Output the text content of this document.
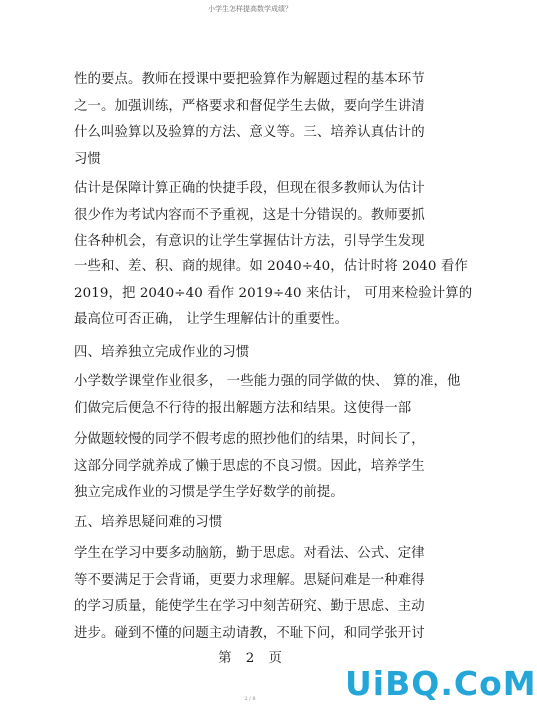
小学生怎样提高数学成绩？
性的要点。教师在授课中要把验算作为解题过程的基本环节
之一。加强训练，严格要求和督促学生去做，要向学生讲清
什么叫验算以及验算的方法、意义等。三、培养认真估计的
习惯
估计是保障计算正确的快捷手段，但现在很多教师认为估计
很少作为考试内容而不予重视，这是十分错误的。教师要抓
住各种机会，有意识的让学生掌握估计方法，引导学生发现
一些和、差、积、商的规律。如 2040÷40，估计时将 2040 看作
2019，把 2040÷40 看作 2019÷40 来估计， 可用来检验计算的
最高位可否正确， 让学生理解估计的重要性。
四、培养独立完成作业的习惯
小学数学课堂作业很多， 一些能力强的同学做的快、 算的准，他
们做完后便急不行待的报出解题方法和结果。这使得一部
分做题较慢的同学不假考虑的照抄他们的结果，时间长了，
这部分同学就养成了懒于思虑的不良习惯。因此，培养学生
独立完成作业的习惯是学生学好数学的前提。
五、培养思疑问难的习惯
学生在学习中要多动脑筋，勤于思虑。对看法、公式、定律
等不要满足于会背诵，更要力求理解。思疑问难是一种难得
的学习质量，能使学生在学习中刻苦研究、勤于思虑、主动
进步。碰到不懂的问题主动请教，不耻下问，和同学张开讨
第 2 页
UiBQ.CoM
2 / 8
